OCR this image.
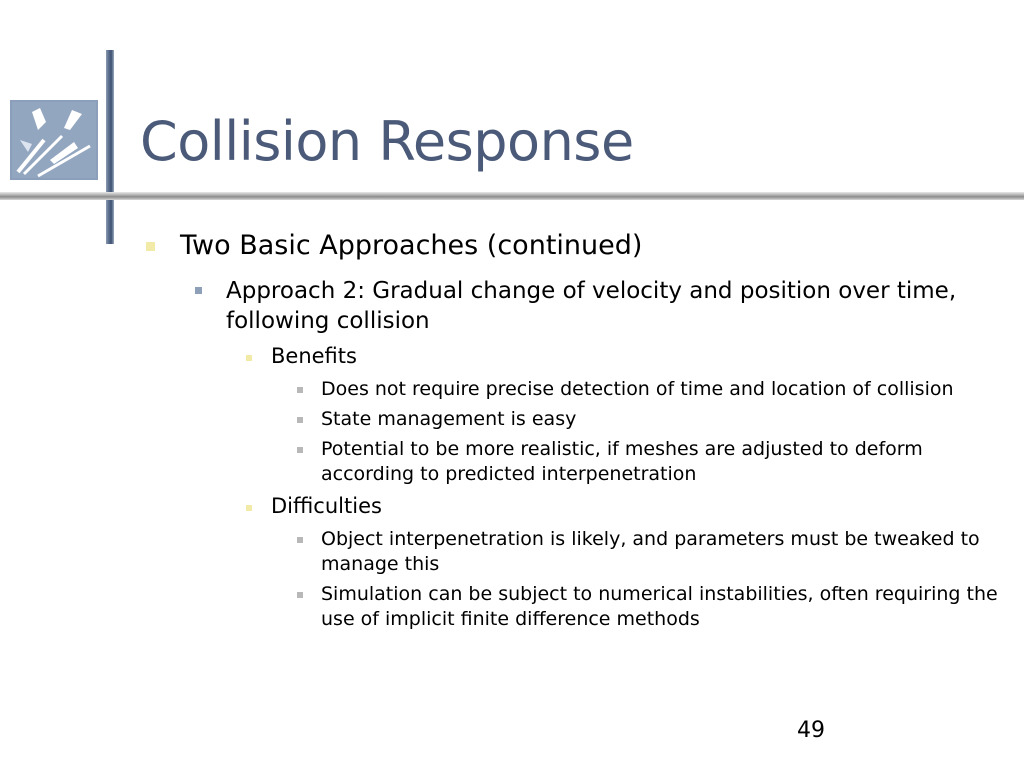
Collision Response
Two Basic Approaches (continued)
Approach 2: Gradual change of velocity and position over time, following collision
Benefits
Does not require precise detection of time and location of collision
State management is easy
Potential to be more realistic, if meshes are adjusted to deform according to predicted interpenetration
Difficulties
Object interpenetration is likely, and parameters must be tweaked to manage this
Simulation can be subject to numerical instabilities, often requiring the use of implicit finite difference methods
49
